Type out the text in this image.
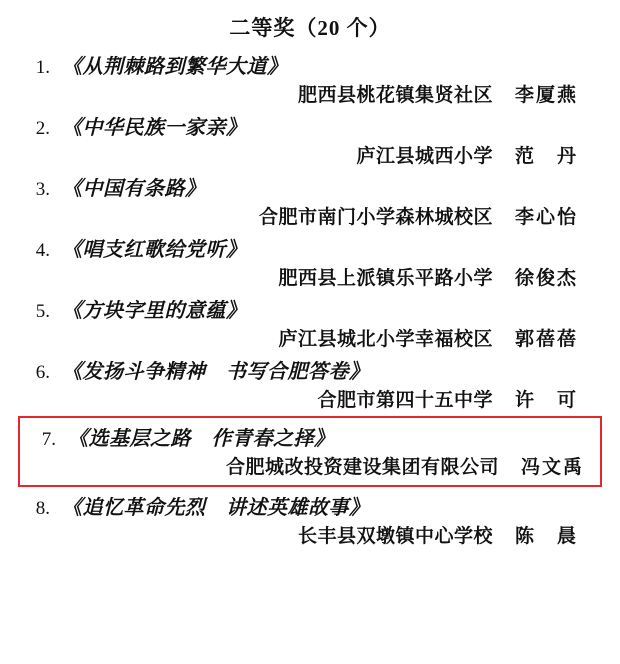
二等奖（20 个）
1. 《从荆棘路到繁华大道》
肥西县桃花镇集贤社区 李厦燕
2. 《中华民族一家亲》
庐江县城西小学 范　丹
3. 《中国有条路》
合肥市南门小学森林城校区 李心怡
4. 《唱支红歌给党听》
肥西县上派镇乐平路小学 徐俊杰
5. 《方块字里的意蕴》
庐江县城北小学幸福校区 郭蓓蓓
6. 《发扬斗争精神　书写合肥答卷》
合肥市第四十五中学 许　可
7. 《选基层之路　作青春之择》
合肥城改投资建设集团有限公司 冯文禹
8. 《追忆革命先烈　讲述英雄故事》
长丰县双墩镇中心学校 陈　晨
